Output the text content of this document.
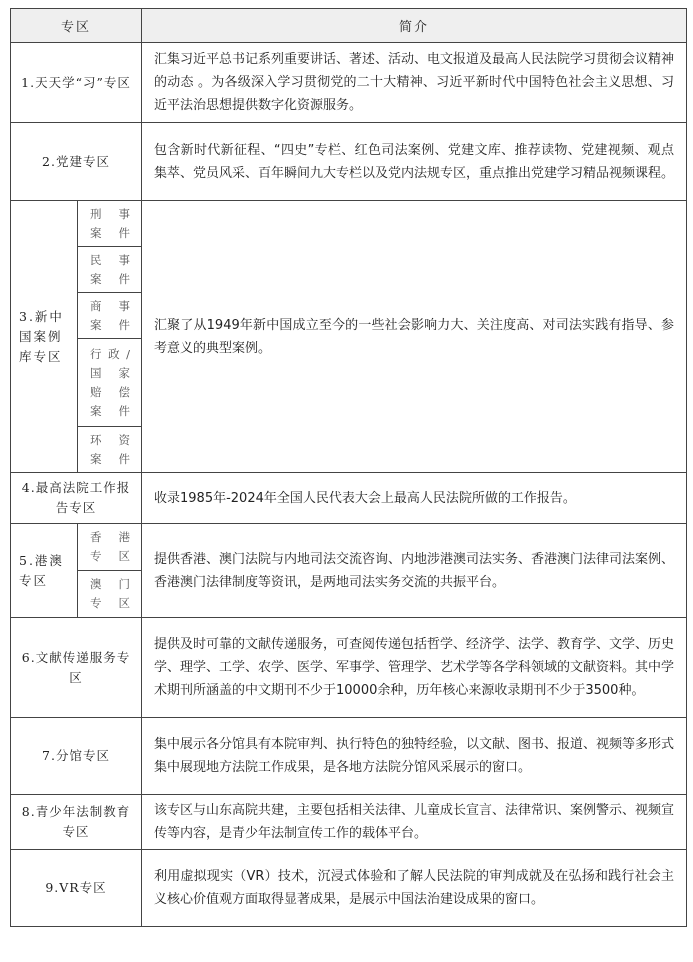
专区		简介
1.天天学“习”专区		汇集习近平总书记系列重要讲话、著述、活动、电文报道及最高人民法院学习贯彻会议精神的动态 。为各级深入学习贯彻党的二十大精神、习近平新时代中国特色社会主义思想、习近平法治思想提供数字化资源服务。
2.党建专区		包含新时代新征程、“四史”专栏、红色司法案例、党建文库、推荐读物、党建视频、观点集萃、党员风采、百年瞬间九大专栏以及党内法规专区，重点推出党建学习精品视频课程。
3.新中国案例库专区	刑事案件	汇聚了从1949年新中国成立至今的一些社会影响力大、关注度高、对司法实践有指导、参考意义的典型案例。
	民事案件	
	商事案件	
	行政/国家赔偿案件	
	环资案件	
4.最高法院工作报告专区		收录1985年-2024年全国人民代表大会上最高人民法院所做的工作报告。
5.港澳专区	香港专区	提供香港、澳门法院与内地司法交流咨询、内地涉港澳司法实务、香港澳门法律司法案例、香港澳门法律制度等资讯，是两地司法实务交流的共振平台。
	澳门专区	
6.文献传递服务专区		提供及时可靠的文献传递服务，可查阅传递包括哲学、经济学、法学、教育学、文学、历史学、理学、工学、农学、医学、军事学、管理学、艺术学等各学科领域的文献资料。其中学术期刊所涵盖的中文期刊不少于10000余种，历年核心来源收录期刊不少于3500种。
7.分馆专区		集中展示各分馆具有本院审判、执行特色的独特经验，以文献、图书、报道、视频等多形式集中展现地方法院工作成果，是各地方法院分馆风采展示的窗口。
8.青少年法制教育专区		该专区与山东高院共建，主要包括相关法律、儿童成长宣言、法律常识、案例警示、视频宣传等内容，是青少年法制宣传工作的载体平台。
9.VR专区		利用虚拟现实（VR）技术，沉浸式体验和了解人民法院的审判成就及在弘扬和践行社会主义核心价值观方面取得显著成果，是展示中国法治建设成果的窗口。
